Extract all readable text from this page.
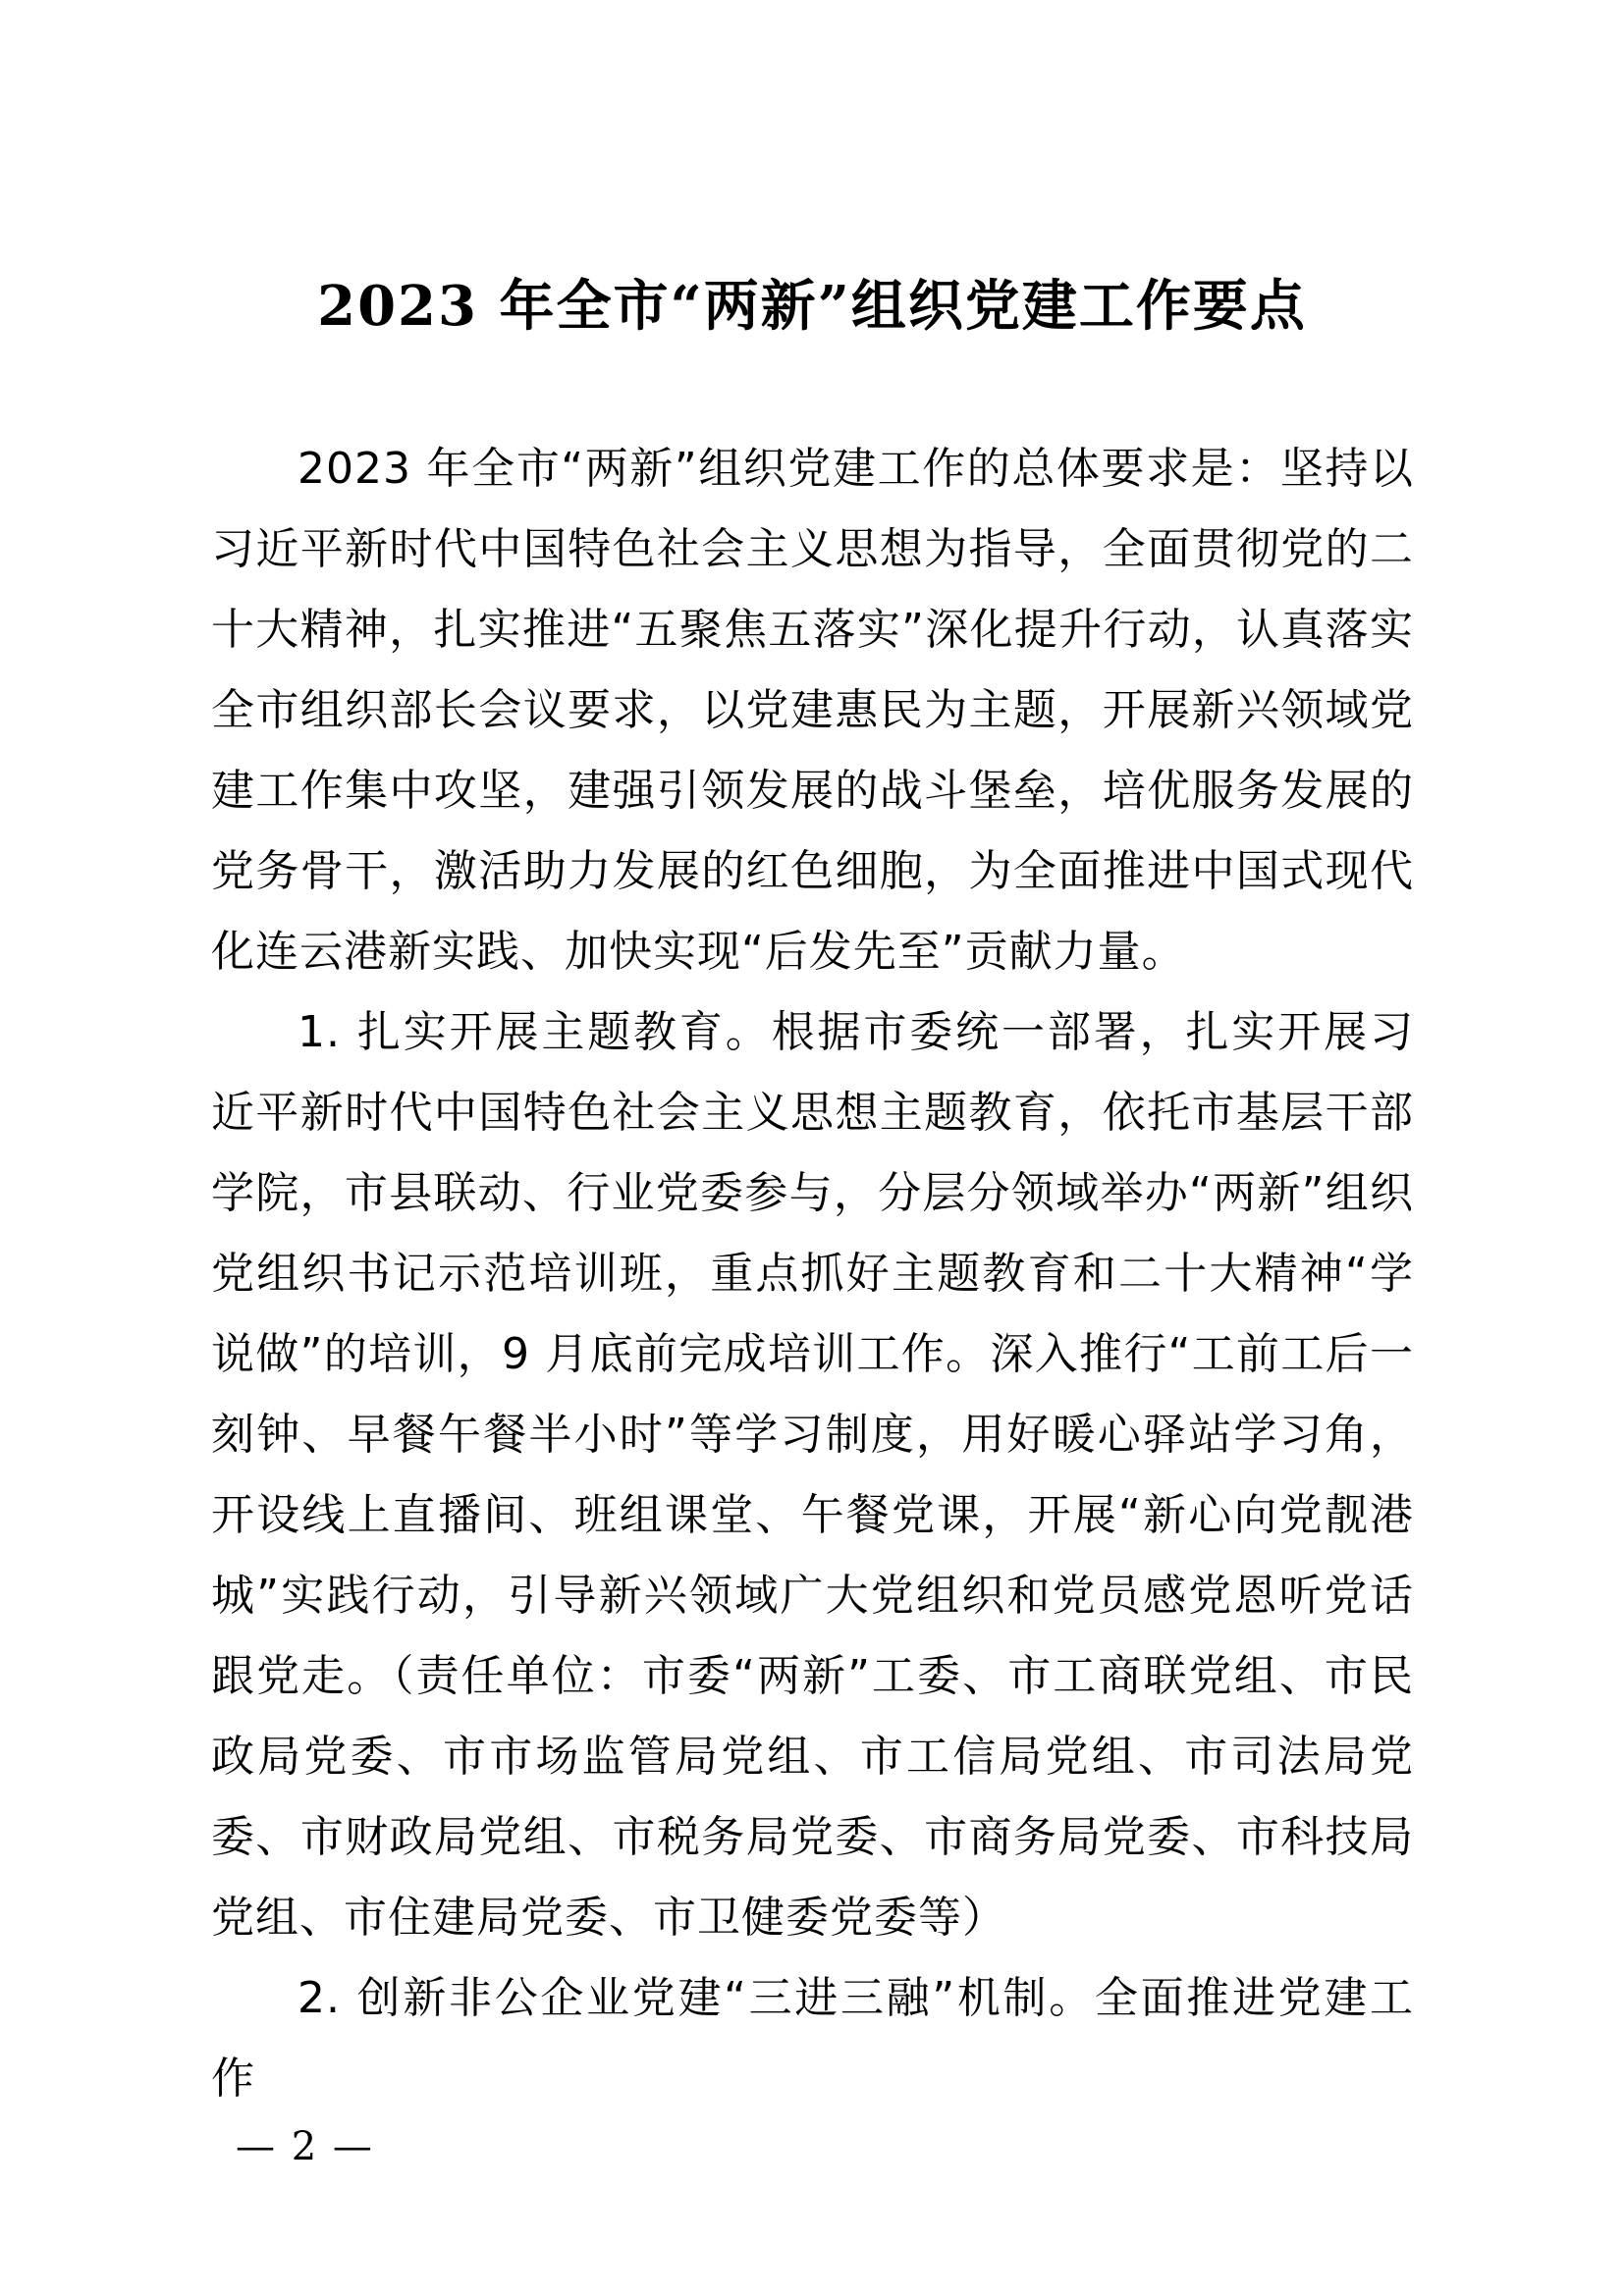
2023 年全市“两新”组织党建工作要点

2023 年全市“两新”组织党建工作的总体要求是：坚持以习近平新时代中国特色社会主义思想为指导，全面贯彻党的二十大精神，扎实推进“五聚焦五落实”深化提升行动，认真落实全市组织部长会议要求，以党建惠民为主题，开展新兴领域党建工作集中攻坚，建强引领发展的战斗堡垒，培优服务发展的党务骨干，激活助力发展的红色细胞，为全面推进中国式现代化连云港新实践、加快实现“后发先至”贡献力量。

1. 扎实开展主题教育。根据市委统一部署，扎实开展习近平新时代中国特色社会主义思想主题教育，依托市基层干部学院，市县联动、行业党委参与，分层分领域举办“两新”组织党组织书记示范培训班，重点抓好主题教育和二十大精神“学说做”的培训，9 月底前完成培训工作。深入推行“工前工后一刻钟、早餐午餐半小时”等学习制度，用好暖心驿站学习角，开设线上直播间、班组课堂、午餐党课，开展“新心向党靓港城”实践行动，引导新兴领域广大党组织和党员感党恩听党话跟党走。（责任单位：市委“两新”工委、市工商联党组、市民政局党委、市市场监管局党组、市工信局党组、市司法局党委、市财政局党组、市税务局党委、市商务局党委、市科技局党组、市住建局党委、市卫健委党委等）

2. 创新非公企业党建“三进三融”机制。全面推进党建工作

— 2 —
